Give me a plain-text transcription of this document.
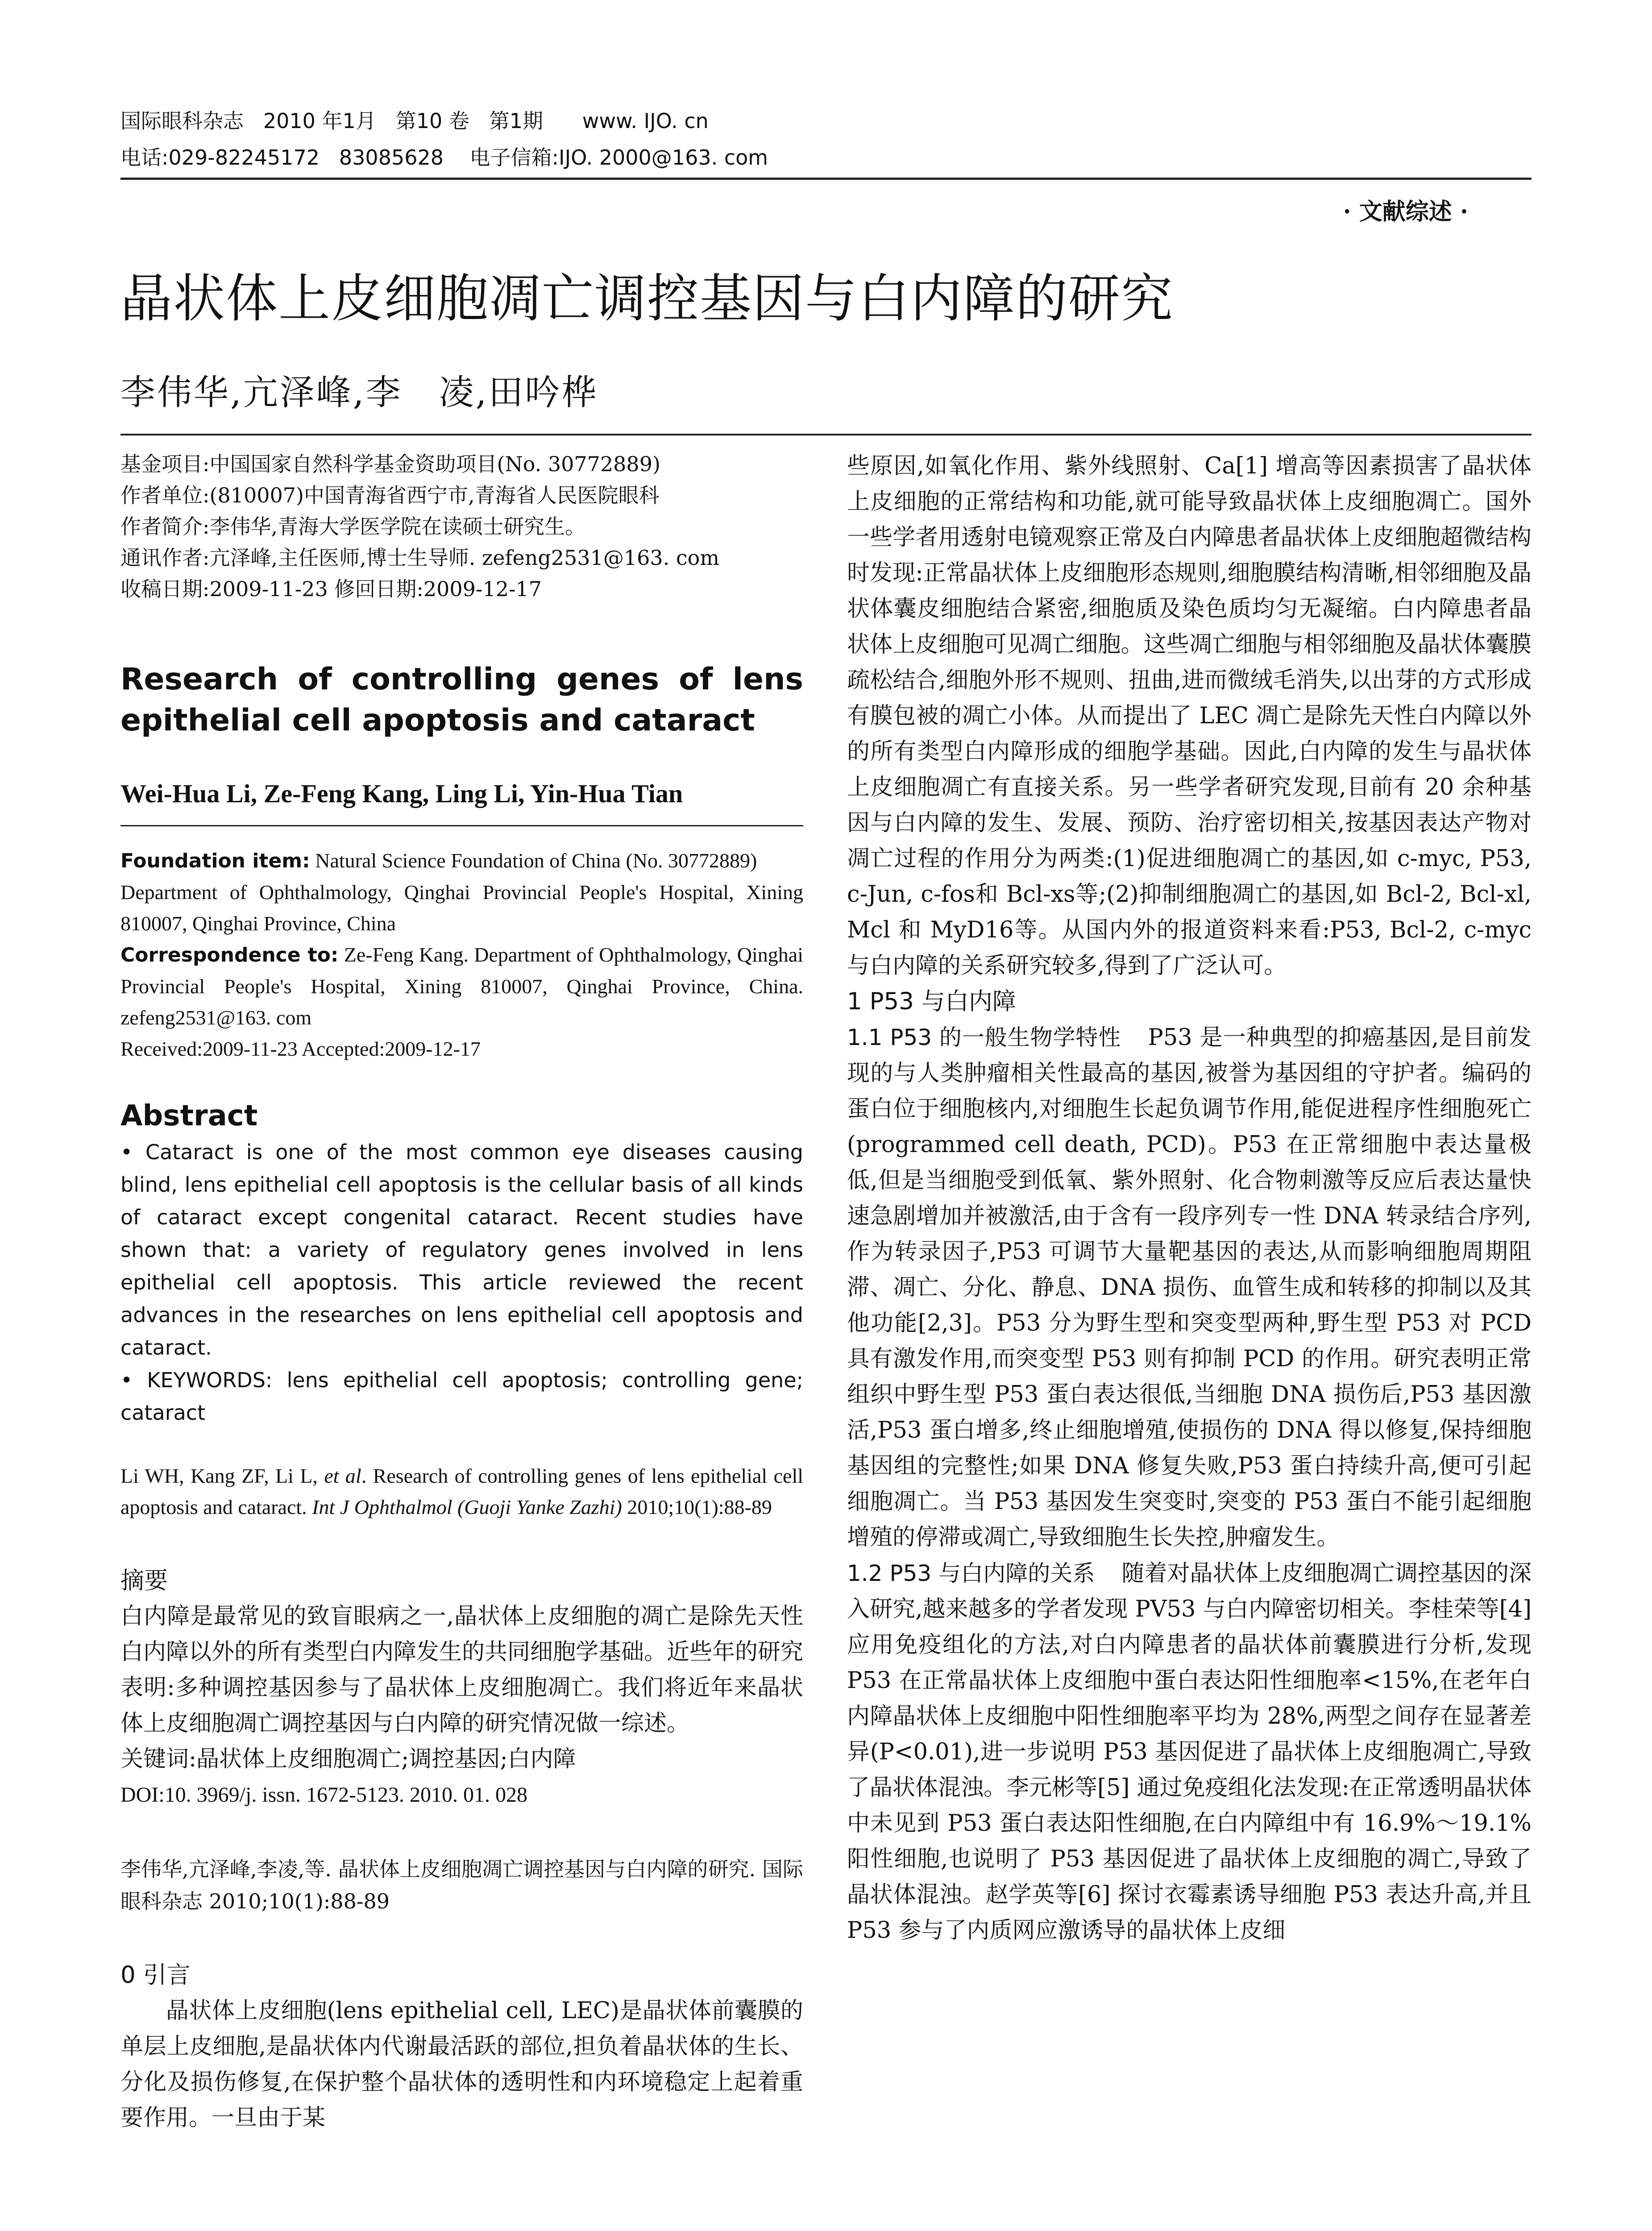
国际眼科杂志   2010 年1月   第10 卷   第1期      www. IJO. cn
电话:029-82245172   83085628    电子信箱:IJO. 2000@163. com
· 文献综述 ·
晶状体上皮细胞凋亡调控基因与白内障的研究
李伟华,亢泽峰,李　凌,田吟桦

基金项目:中国国家自然科学基金资助项目(No. 30772889)

作者单位:(810007)中国青海省西宁市,青海省人民医院眼科

作者简介:李伟华,青海大学医学院在读硕士研究生。

通讯作者:亢泽峰,主任医师,博士生导师. zefeng2531@163. com

收稿日期:2009-11-23 修回日期:2009-12-17

Research of controlling genes of lens epithelial cell apoptosis and cataract
Wei-Hua Li, Ze-Feng Kang, Ling Li, Yin-Hua Tian

Foundation item: Natural Science Foundation of China (No. 30772889)

Department of Ophthalmology, Qinghai Provincial People's Hospital, Xining 810007, Qinghai Province, China

Correspondence to: Ze-Feng Kang. Department of Ophthalmology, Qinghai Provincial People's Hospital, Xining 810007, Qinghai Province, China. zefeng2531@163. com

Received:2009-11-23 Accepted:2009-12-17

Abstract

• Cataract is one of the most common eye diseases causing blind, lens epithelial cell apoptosis is the cellular basis of all kinds of cataract except congenital cataract. Recent studies have shown that: a variety of regulatory genes involved in lens epithelial cell apoptosis. This article reviewed the recent advances in the researches on lens epithelial cell apoptosis and cataract.

• KEYWORDS: lens epithelial cell apoptosis; controlling gene; cataract

Li WH, Kang ZF, Li L, et al. Research of controlling genes of lens epithelial cell apoptosis and cataract. Int J Ophthalmol (Guoji Yanke Zazhi) 2010;10(1):88-89

摘要

白内障是最常见的致盲眼病之一,晶状体上皮细胞的凋亡是除先天性白内障以外的所有类型白内障发生的共同细胞学基础。近些年的研究表明:多种调控基因参与了晶状体上皮细胞凋亡。我们将近年来晶状体上皮细胞凋亡调控基因与白内障的研究情况做一综述。

关键词:晶状体上皮细胞凋亡;调控基因;白内障

DOI:10. 3969/j. issn. 1672-5123. 2010. 01. 028

李伟华,亢泽峰,李凌,等. 晶状体上皮细胞凋亡调控基因与白内障的研究. 国际眼科杂志 2010;10(1):88-89

0 引言

晶状体上皮细胞(lens epithelial cell, LEC)是晶状体前囊膜的单层上皮细胞,是晶状体内代谢最活跃的部位,担负着晶状体的生长、分化及损伤修复,在保护整个晶状体的透明性和内环境稳定上起着重要作用。一旦由于某

些原因,如氧化作用、紫外线照射、Ca[1] 增高等因素损害了晶状体上皮细胞的正常结构和功能,就可能导致晶状体上皮细胞凋亡。国外一些学者用透射电镜观察正常及白内障患者晶状体上皮细胞超微结构时发现:正常晶状体上皮细胞形态规则,细胞膜结构清晰,相邻细胞及晶状体囊皮细胞结合紧密,细胞质及染色质均匀无凝缩。白内障患者晶状体上皮细胞可见凋亡细胞。这些凋亡细胞与相邻细胞及晶状体囊膜疏松结合,细胞外形不规则、扭曲,进而微绒毛消失,以出芽的方式形成有膜包被的凋亡小体。从而提出了 LEC 凋亡是除先天性白内障以外的所有类型白内障形成的细胞学基础。因此,白内障的发生与晶状体上皮细胞凋亡有直接关系。另一些学者研究发现,目前有 20 余种基因与白内障的发生、发展、预防、治疗密切相关,按基因表达产物对凋亡过程的作用分为两类:(1)促进细胞凋亡的基因,如 c-myc, P53, c-Jun, c-fos和 Bcl-xs等;(2)抑制细胞凋亡的基因,如 Bcl-2, Bcl-xl, Mcl 和 MyD16等。从国内外的报道资料来看:P53, Bcl-2, c-myc与白内障的关系研究较多,得到了广泛认可。

1 P53 与白内障

1.1 P53 的一般生物学特性 P53 是一种典型的抑癌基因,是目前发现的与人类肿瘤相关性最高的基因,被誉为基因组的守护者。编码的蛋白位于细胞核内,对细胞生长起负调节作用,能促进程序性细胞死亡(programmed cell death, PCD)。P53 在正常细胞中表达量极低,但是当细胞受到低氧、紫外照射、化合物刺激等反应后表达量快速急剧增加并被激活,由于含有一段序列专一性 DNA 转录结合序列,作为转录因子,P53 可调节大量靶基因的表达,从而影响细胞周期阻滞、凋亡、分化、静息、DNA 损伤、血管生成和转移的抑制以及其他功能[2,3]。P53 分为野生型和突变型两种,野生型 P53 对 PCD 具有激发作用,而突变型 P53 则有抑制 PCD 的作用。研究表明正常组织中野生型 P53 蛋白表达很低,当细胞 DNA 损伤后,P53 基因激活,P53 蛋白增多,终止细胞增殖,使损伤的 DNA 得以修复,保持细胞基因组的完整性;如果 DNA 修复失败,P53 蛋白持续升高,便可引起细胞凋亡。当 P53 基因发生突变时,突变的 P53 蛋白不能引起细胞增殖的停滞或凋亡,导致细胞生长失控,肿瘤发生。

1.2 P53 与白内障的关系 随着对晶状体上皮细胞凋亡调控基因的深入研究,越来越多的学者发现 PV53 与白内障密切相关。李桂荣等[4] 应用免疫组化的方法,对白内障患者的晶状体前囊膜进行分析,发现 P53 在正常晶状体上皮细胞中蛋白表达阳性细胞率<15%,在老年白内障晶状体上皮细胞中阳性细胞率平均为 28%,两型之间存在显著差异(P<0.01),进一步说明 P53 基因促进了晶状体上皮细胞凋亡,导致了晶状体混浊。李元彬等[5] 通过免疫组化法发现:在正常透明晶状体中未见到 P53 蛋白表达阳性细胞,在白内障组中有 16.9%～19.1% 阳性细胞,也说明了 P53 基因促进了晶状体上皮细胞的凋亡,导致了晶状体混浊。赵学英等[6] 探讨衣霉素诱导细胞 P53 表达升高,并且 P53 参与了内质网应激诱导的晶状体上皮细
